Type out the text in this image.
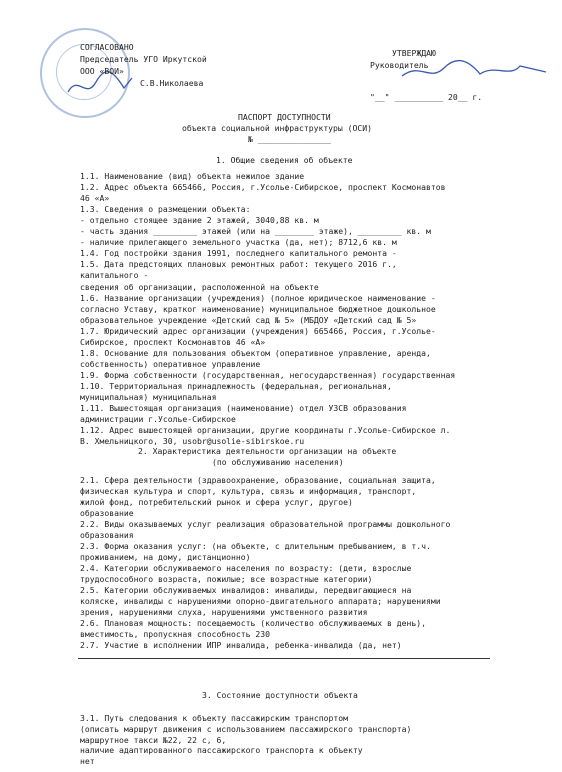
СОГЛАСОВАНО
Председатель УГО Иркутской
ООО «ВОИ»
С.В.Николаева
УТВЕРЖДАЮ
Руководитель
"__" __________ 20__ г.
ПАСПОРТ ДОСТУПНОСТИ
объекта социальной инфраструктуры (ОСИ)
№ _______________
1. Общие сведения об объекте
1.1. Наименование (вид) объекта нежилое здание
1.2. Адрес объекта 665466, Россия, г.Усолье-Сибирское, проспект Космонавтов
46 «А»
1.3. Сведения о размещении объекта:
- отдельно стоящее здание 2 этажей, 3040,88 кв. м
- часть здания _________ этажей (или на ________ этаже), _________ кв. м
- наличие прилегающего земельного участка (да, нет); 8712,6 кв. м
1.4. Год постройки здания 1991, последнего капитального ремонта -
1.5. Дата предстоящих плановых ремонтных работ: текущего 2016 г.,
капитального -
сведения об организации, расположенной на объекте
1.6. Название организации (учреждения) (полное юридическое наименование -
согласно Уставу, кратког наименование) муниципальное бюджетное дошкольное
образовательное учреждение «Детский сад № 5» (МБДОУ «Детский сад № 5»
1.7. Юридический адрес организации (учреждения) 665466, Россия, г.Усолье-
Сибирское, проспект Космонавтов 46 «А»
1.8. Основание для пользования объектом (оперативное управление, аренда,
собственность) оперативное управление
1.9. Форма собственности (государственная, негосударственная) государственная
1.10. Территориальная принадлежность (федеральная, региональная,
муниципальная) муниципальная
1.11. Вышестоящая организация (наименование) отдел УЗСВ образования
администрации г.Усолье-Сибирское
1.12. Адрес вышестоящей организации, другие координаты г.Усолье-Сибирское л.
В. Хмельницкого, 30, usobr@usolie-sibirskoe.ru
2. Характеристика деятельности организации на объекте
(по обслуживанию населения)
2.1. Сфера деятельности (здравоохранение, образование, социальная защита,
физическая культура и спорт, культура, связь и информация, транспорт,
жилой фонд, потребительский рынок и сфера услуг, другое)
образование
2.2. Виды оказываемых услуг реализация образовательной программы дошкольного
образования
2.3. Форма оказания услуг: (на объекте, с длительным пребыванием, в т.ч.
проживанием, на дому, дистанционно)
2.4. Категории обслуживаемого населения по возрасту: (дети, взрослые
трудоспособного возраста, пожилые; все возрастные категории)
2.5. Категории обслуживаемых инвалидов: инвалиды, передвигающиеся на
коляске, инвалиды с нарушениями опорно-двигательного аппарата; нарушениями
зрения, нарушениями слуха, нарушениями умственного развития
2.6. Плановая мощность: посещаемость (количество обслуживаемых в день),
вместимость, пропускная способность 230
2.7. Участие в исполнении ИПР инвалида, ребенка-инвалида (да, нет)
3. Состояние доступности объекта
3.1. Путь следования к объекту пассажирским транспортом
(описать маршрут движения с использованием пассажирского транспорта)
маршрутное такси №22, 22 с, 6,
наличие адаптированного пассажирского транспорта к объекту
нет
